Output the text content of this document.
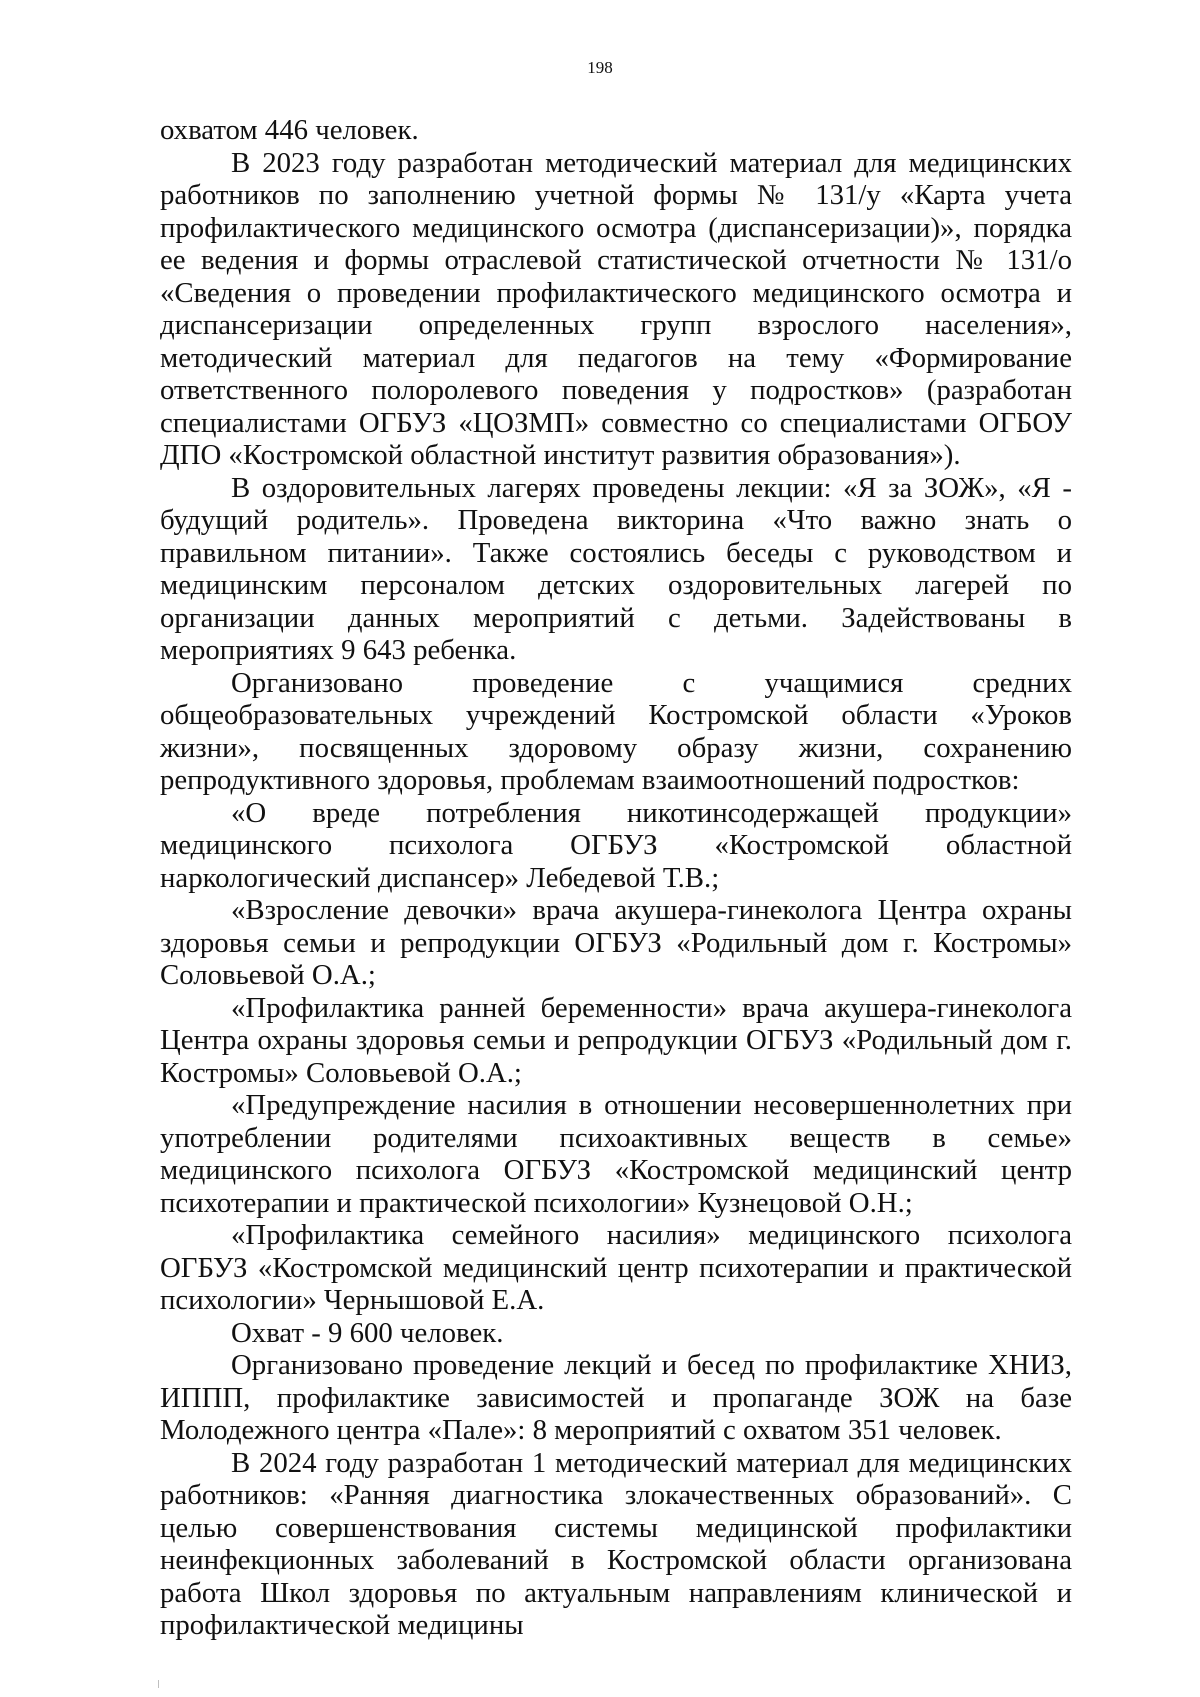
198

охватом 446 человек.

В 2023 году разработан методический материал для медицинских работников по заполнению учетной формы № 131/у «Карта учета профилактического медицинского осмотра (диспансеризации)», порядка ее ведения и формы отраслевой статистической отчетности № 131/о «Сведения о проведении профилактического медицинского осмотра и диспансеризации определенных групп взрослого населения», методический материал для педагогов на тему «Формирование ответственного полоролевого поведения у подростков» (разработан специалистами ОГБУЗ «ЦОЗМП» совместно со специалистами ОГБОУ ДПО «Костромской областной институт развития образования»).

В оздоровительных лагерях проведены лекции: «Я за ЗОЖ», «Я - будущий родитель». Проведена викторина «Что важно знать о правильном питании». Также состоялись беседы с руководством и медицинским персоналом детских оздоровительных лагерей по организации данных мероприятий с детьми. Задействованы в мероприятиях 9 643 ребенка.

Организовано проведение с учащимися средних

общеобразовательных учреждений Костромской области «Уроков жизни», посвященных здоровому образу жизни, сохранению репродуктивного здоровья, проблемам взаимоотношений подростков:

«О вреде потребления никотинсодержащей продукции» медицинского психолога ОГБУЗ «Костромской областной наркологический диспансер» Лебедевой Т.В.;

«Взросление девочки» врача акушера-гинеколога Центра охраны здоровья семьи и репродукции ОГБУЗ «Родильный дом г. Костромы» Соловьевой О.А.;

«Профилактика ранней беременности» врача акушера-гинеколога Центра охраны здоровья семьи и репродукции ОГБУЗ «Родильный дом г. Костромы» Соловьевой О.А.;

«Предупреждение насилия в отношении несовершеннолетних при употреблении родителями психоактивных веществ в семье» медицинского психолога ОГБУЗ «Костромской медицинский центр психотерапии и практической психологии» Кузнецовой О.Н.;

«Профилактика семейного насилия» медицинского психолога ОГБУЗ «Костромской медицинский центр психотерапии и практической психологии» Чернышовой Е.А.

Охват - 9 600 человек.

Организовано проведение лекций и бесед по профилактике ХНИЗ, ИППП, профилактике зависимостей и пропаганде ЗОЖ на базе Молодежного центра «Пале»: 8 мероприятий с охватом 351 человек.

В 2024 году разработан 1 методический материал для медицинских работников: «Ранняя диагностика злокачественных образований». С целью совершенствования системы медицинской профилактики неинфекционных заболеваний в Костромской области организована работа Школ здоровья по актуальным направлениям клинической и профилактической медицины
